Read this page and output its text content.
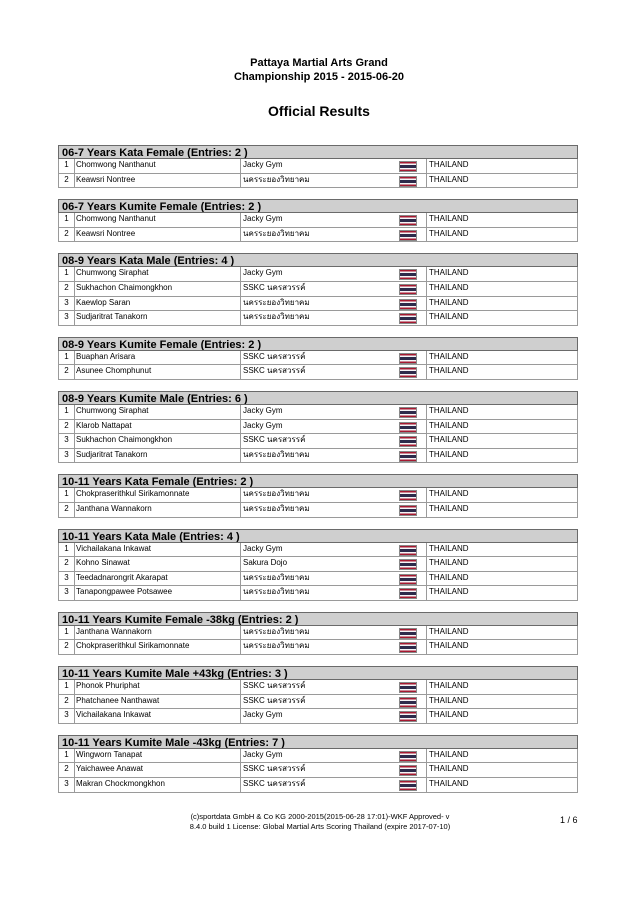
Pattaya Martial Arts Grand
Championship 2015 - 2015-06-20
Official Results
06-7 Years Kata Female (Entries: 2 )
1 Chomwong Nanthanut	Jacky Gym	THAILAND
2 Keawsri Nontree	นครระยองวิทยาคม	THAILAND
06-7 Years Kumite Female (Entries: 2 )
1 Chomwong Nanthanut	Jacky Gym	THAILAND
2 Keawsri Nontree	นครระยองวิทยาคม	THAILAND
08-9 Years Kata Male (Entries: 4 )
1 Chumwong Siraphat	Jacky Gym	THAILAND
2 Sukhachon Chaimongkhon	SSKC นครสวรรค์	THAILAND
3 Kaewlop Saran	นครระยองวิทยาคม	THAILAND
3 Sudjaritrat Tanakorn	นครระยองวิทยาคม	THAILAND
08-9 Years Kumite Female (Entries: 2 )
1 Buaphan Arisara	SSKC นครสวรรค์	THAILAND
2 Asunee Chomphunut	SSKC นครสวรรค์	THAILAND
08-9 Years Kumite Male (Entries: 6 )
1 Chumwong Siraphat	Jacky Gym	THAILAND
2 Klarob Nattapat	Jacky Gym	THAILAND
3 Sukhachon Chaimongkhon	SSKC นครสวรรค์	THAILAND
3 Sudjaritrat Tanakorn	นครระยองวิทยาคม	THAILAND
10-11 Years Kata Female (Entries: 2 )
1 Chokpraserithkul Sirikamonnate	นครระยองวิทยาคม	THAILAND
2 Janthana Wannakorn	นครระยองวิทยาคม	THAILAND
10-11 Years Kata Male (Entries: 4 )
1 Vichailakana Inkawat	Jacky Gym	THAILAND
2 Kohno Sinawat	Sakura Dojo	THAILAND
3 Teedadnarongrit Akarapat	นครระยองวิทยาคม	THAILAND
3 Tanapongpawee Potsawee	นครระยองวิทยาคม	THAILAND
10-11 Years Kumite Female -38kg (Entries: 2 )
1 Janthana Wannakorn	นครระยองวิทยาคม	THAILAND
2 Chokpraserithkul Sirikamonnate	นครระยองวิทยาคม	THAILAND
10-11 Years Kumite Male +43kg (Entries: 3 )
1 Phonok Phuriphat	SSKC นครสวรรค์	THAILAND
2 Phatchanee Nanthawat	SSKC นครสวรรค์	THAILAND
3 Vichailakana Inkawat	Jacky Gym	THAILAND
10-11 Years Kumite Male -43kg (Entries: 7 )
1 Wingworn Tanapat	Jacky Gym	THAILAND
2 Yaichawee Anawat	SSKC นครสวรรค์	THAILAND
3 Makran Chockmongkhon	SSKC นครสวรรค์	THAILAND
(c)sportdata GmbH & Co KG 2000-2015(2015-06-28 17:01)-WKF Approved- v
8.4.0 build 1 License: Global Martial Arts Scoring Thailand (expire 2017-07-10)
1 / 6
